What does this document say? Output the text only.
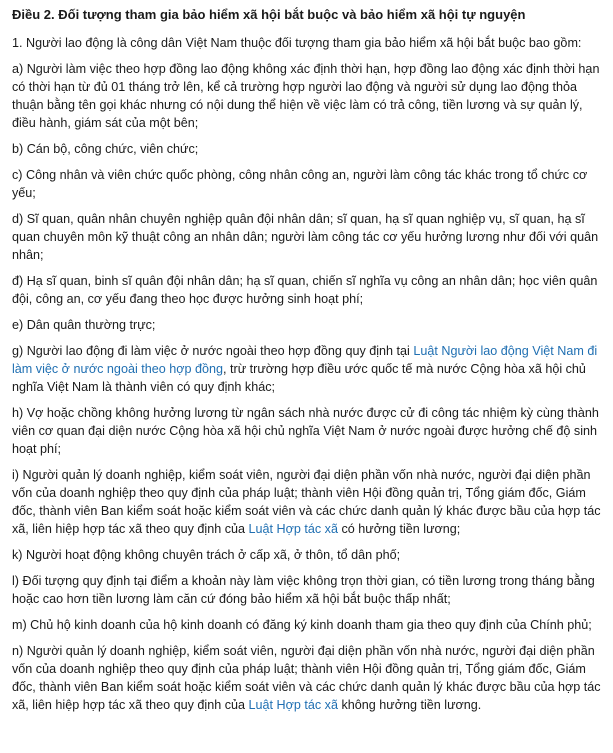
Điều 2. Đối tượng tham gia bảo hiểm xã hội bắt buộc và bảo hiểm xã hội tự nguyện

1. Người lao động là công dân Việt Nam thuộc đối tượng tham gia bảo hiểm xã hội bắt buộc bao gồm:

a) Người làm việc theo hợp đồng lao động không xác định thời hạn, hợp đồng lao động xác định thời hạn có thời hạn từ đủ 01 tháng trở lên, kể cả trường hợp người lao động và người sử dụng lao động thỏa thuận bằng tên gọi khác nhưng có nội dung thể hiện về việc làm có trả công, tiền lương và sự quản lý, điều hành, giám sát của một bên;

b) Cán bộ, công chức, viên chức;

c) Công nhân và viên chức quốc phòng, công nhân công an, người làm công tác khác trong tổ chức cơ yếu;

d) Sĩ quan, quân nhân chuyên nghiệp quân đội nhân dân; sĩ quan, hạ sĩ quan nghiệp vụ, sĩ quan, hạ sĩ quan chuyên môn kỹ thuật công an nhân dân; người làm công tác cơ yếu hưởng lương như đối với quân nhân;

đ) Hạ sĩ quan, binh sĩ quân đội nhân dân; hạ sĩ quan, chiến sĩ nghĩa vụ công an nhân dân; học viên quân đội, công an, cơ yếu đang theo học được hưởng sinh hoạt phí;

e) Dân quân thường trực;

g) Người lao động đi làm việc ở nước ngoài theo hợp đồng quy định tại Luật Người lao động Việt Nam đi làm việc ở nước ngoài theo hợp đồng, trừ trường hợp điều ước quốc tế mà nước Cộng hòa xã hội chủ nghĩa Việt Nam là thành viên có quy định khác;

h) Vợ hoặc chồng không hưởng lương từ ngân sách nhà nước được cử đi công tác nhiệm kỳ cùng thành viên cơ quan đại diện nước Cộng hòa xã hội chủ nghĩa Việt Nam ở nước ngoài được hưởng chế độ sinh hoạt phí;

i) Người quản lý doanh nghiệp, kiểm soát viên, người đại diện phần vốn nhà nước, người đại diện phần vốn của doanh nghiệp theo quy định của pháp luật; thành viên Hội đồng quản trị, Tổng giám đốc, Giám đốc, thành viên Ban kiểm soát hoặc kiểm soát viên và các chức danh quản lý khác được bầu của hợp tác xã, liên hiệp hợp tác xã theo quy định của Luật Hợp tác xã có hưởng tiền lương;

k) Người hoạt động không chuyên trách ở cấp xã, ở thôn, tổ dân phố;

l) Đối tượng quy định tại điểm a khoản này làm việc không trọn thời gian, có tiền lương trong tháng bằng hoặc cao hơn tiền lương làm căn cứ đóng bảo hiểm xã hội bắt buộc thấp nhất;

m) Chủ hộ kinh doanh của hộ kinh doanh có đăng ký kinh doanh tham gia theo quy định của Chính phủ;

n) Người quản lý doanh nghiệp, kiểm soát viên, người đại diện phần vốn nhà nước, người đại diện phần vốn của doanh nghiệp theo quy định của pháp luật; thành viên Hội đồng quản trị, Tổng giám đốc, Giám đốc, thành viên Ban kiểm soát hoặc kiểm soát viên và các chức danh quản lý khác được bầu của hợp tác xã, liên hiệp hợp tác xã theo quy định của Luật Hợp tác xã không hưởng tiền lương.
